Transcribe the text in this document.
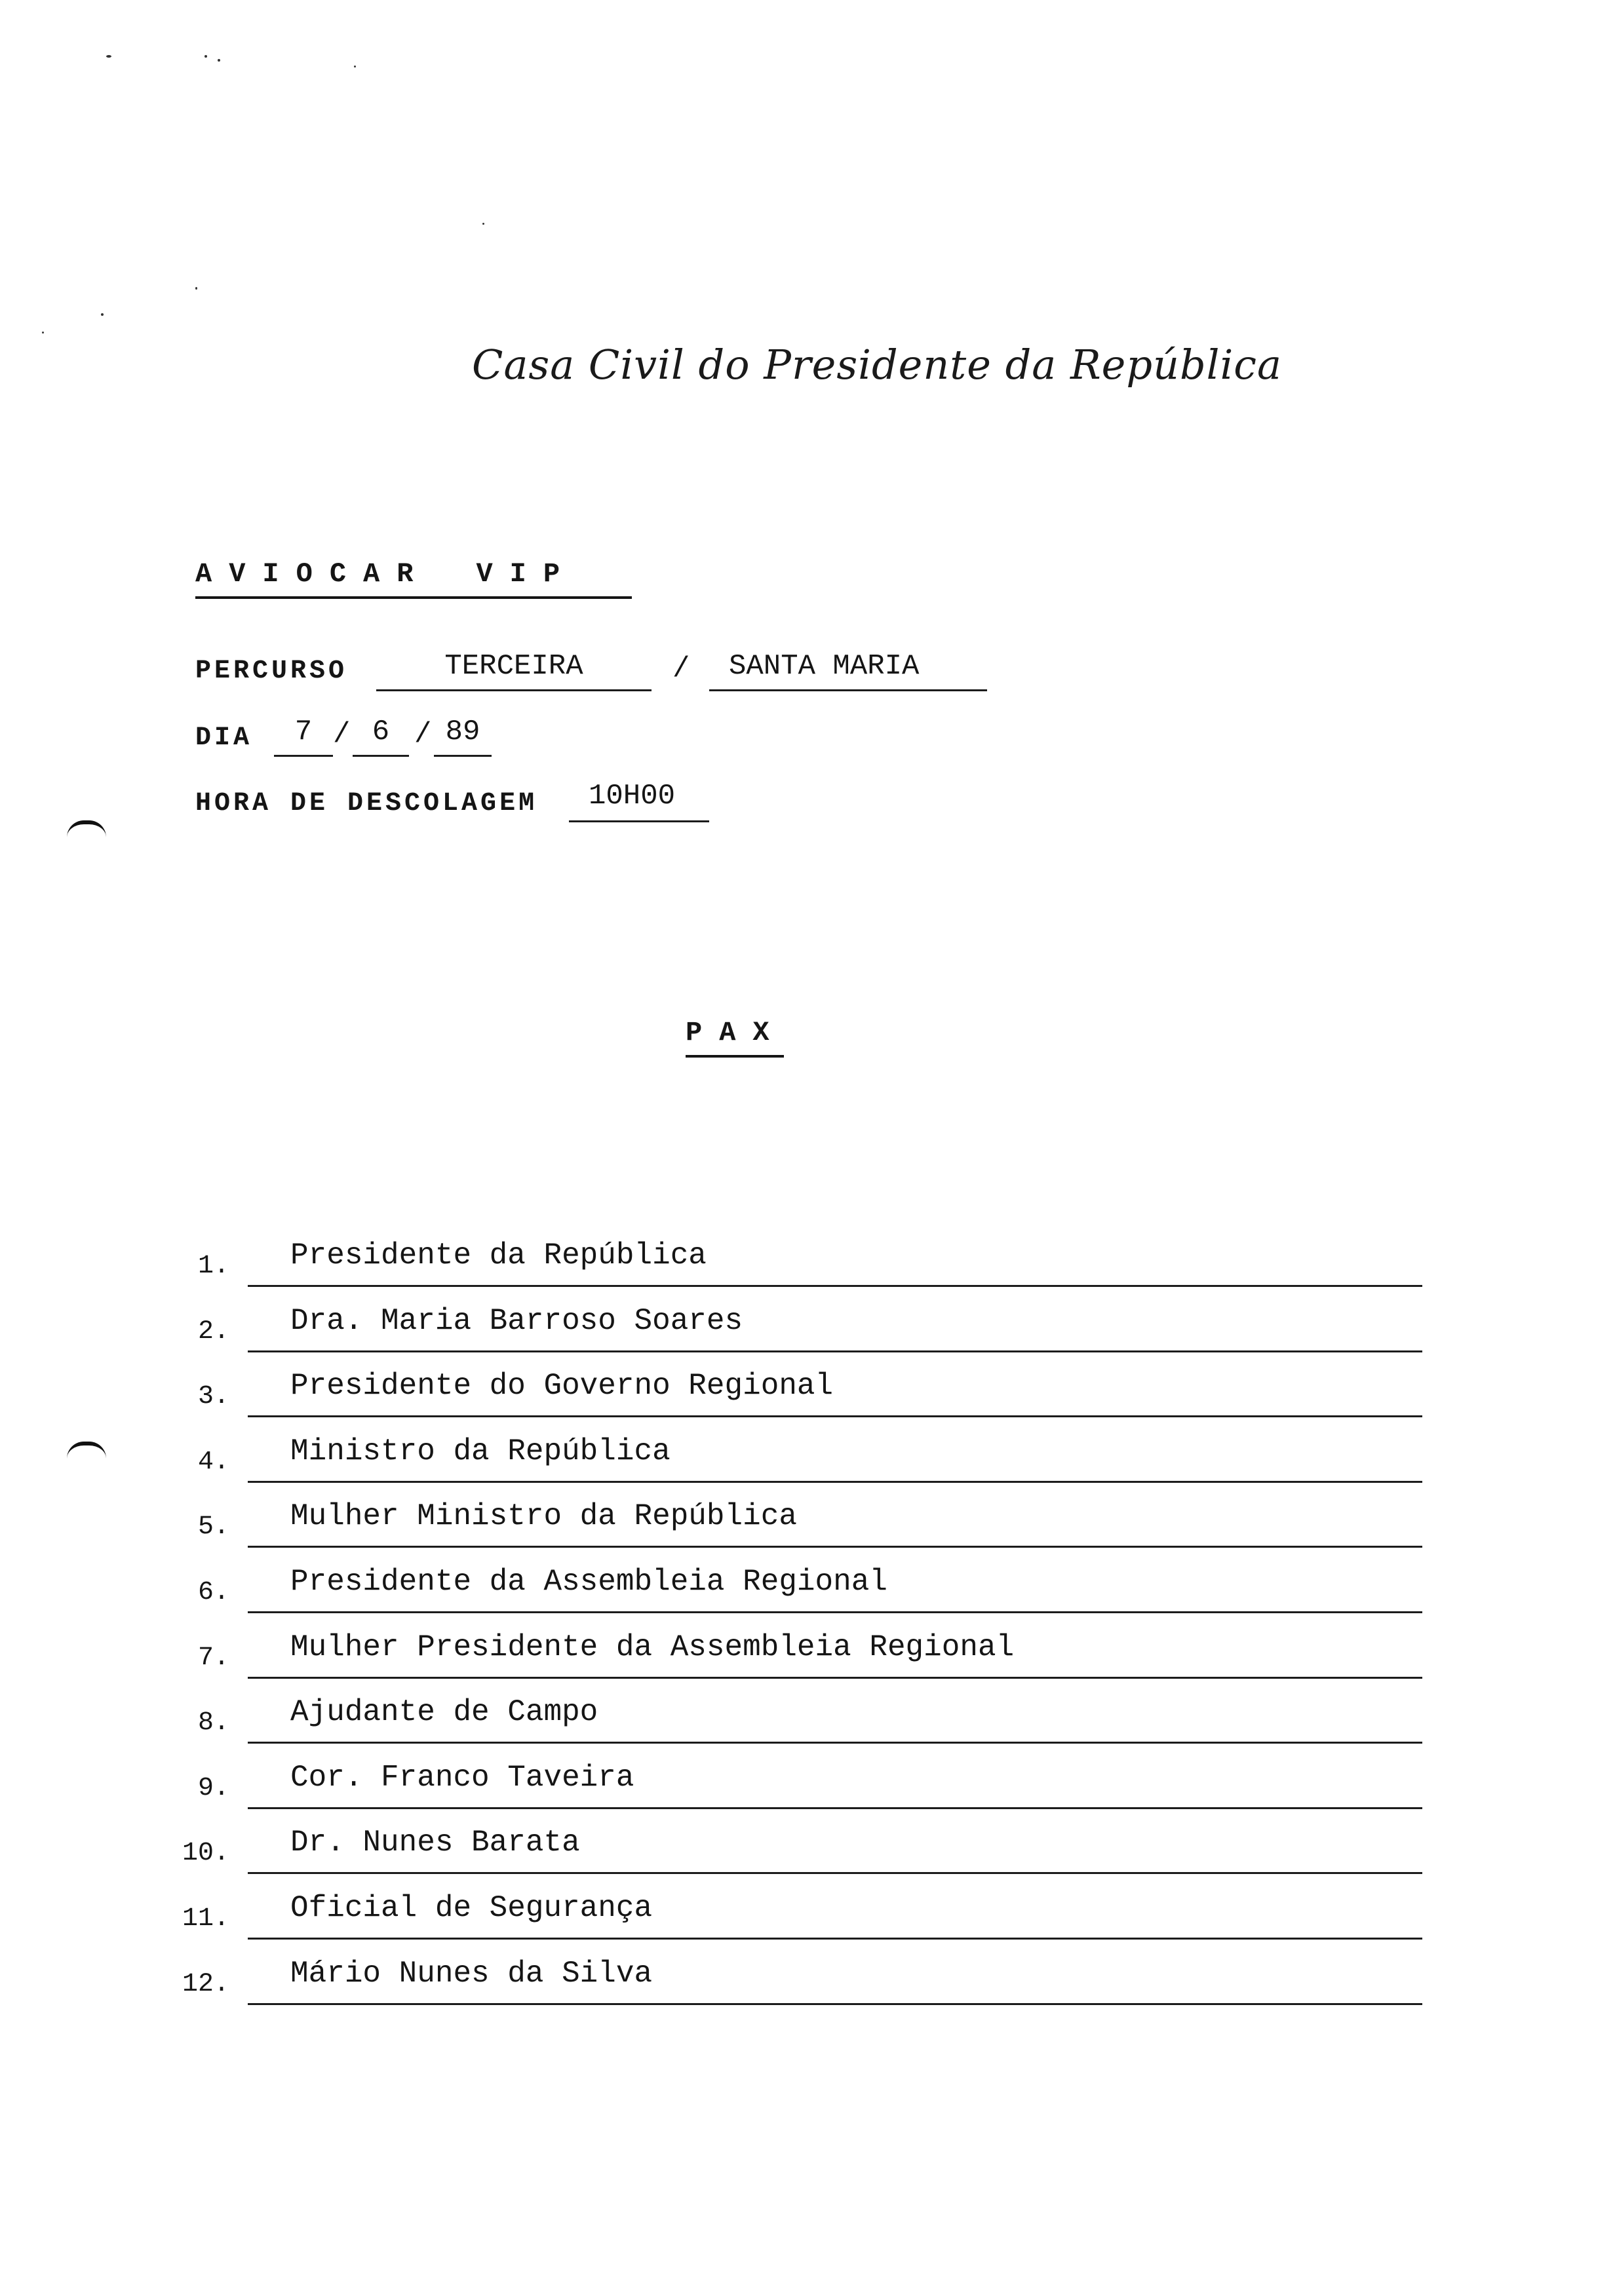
Casa Civil do Presidente da República
AVIOCAR VIP
PERCURSO	TERCEIRA	/	SANTA MARIA
DIA	7 / 6 / 89
HORA DE DESCOLAGEM	10H00
PAX
1. Presidente da República
2. Dra. Maria Barroso Soares
3. Presidente do Governo Regional
4. Ministro da República
5. Mulher Ministro da República
6. Presidente da Assembleia Regional
7. Mulher Presidente da Assembleia Regional
8. Ajudante de Campo
9. Cor. Franco Taveira
10. Dr. Nunes Barata
11. Oficial de Segurança
12. Mário Nunes da Silva
